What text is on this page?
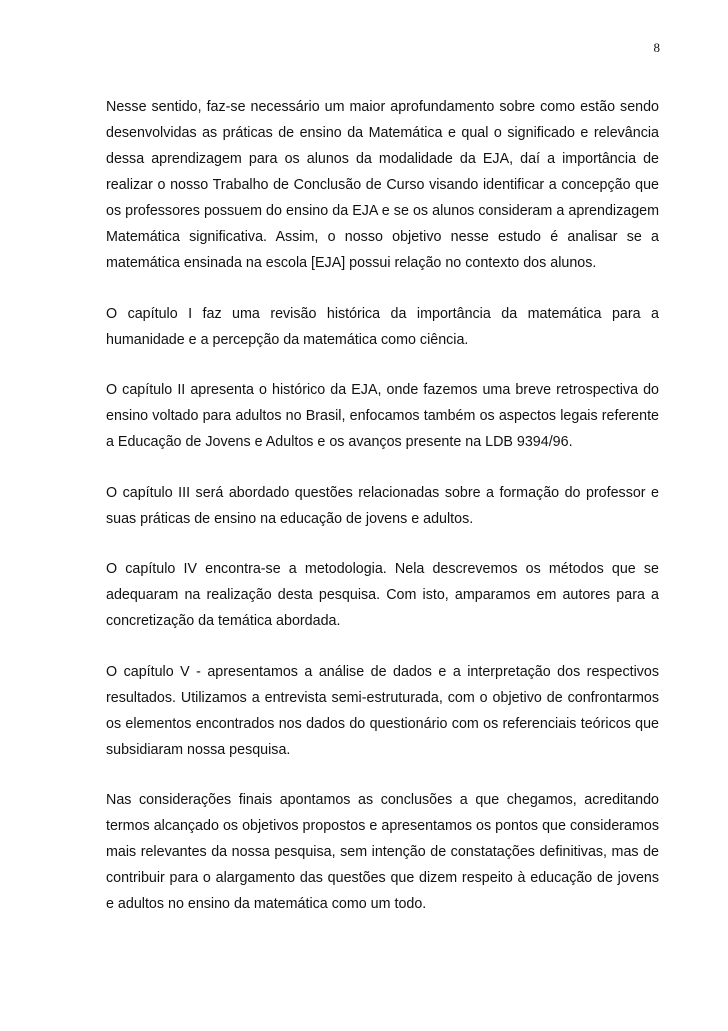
8

Nesse sentido, faz-se necessário um maior aprofundamento sobre como estão sendo desenvolvidas as práticas de ensino da Matemática e qual o significado e relevância dessa aprendizagem para os alunos da modalidade da EJA, daí a importância de realizar o nosso Trabalho de Conclusão de Curso visando identificar a concepção que os professores possuem do ensino da EJA e se os alunos consideram a aprendizagem Matemática significativa. Assim, o nosso objetivo nesse estudo é analisar se a matemática ensinada na escola [EJA] possui relação no contexto dos alunos.

O capítulo I faz uma revisão histórica da importância da matemática para a humanidade e a percepção da matemática como ciência.

O capítulo II apresenta o histórico da EJA, onde fazemos uma breve retrospectiva do ensino voltado para adultos no Brasil, enfocamos também os aspectos legais referente a Educação de Jovens e Adultos e os avanços presente na LDB 9394/96.

O capítulo III será abordado questões relacionadas sobre a formação do professor e suas práticas de ensino na educação de jovens e adultos.

O capítulo IV encontra-se a metodologia. Nela descrevemos os métodos que se adequaram na realização desta pesquisa. Com isto, amparamos em autores para a concretização da temática abordada.

O capítulo V - apresentamos a análise de dados e a interpretação dos respectivos resultados. Utilizamos a entrevista semi-estruturada, com o objetivo de confrontarmos os elementos encontrados nos dados do questionário com os referenciais teóricos que subsidiaram nossa pesquisa.

Nas considerações finais apontamos as conclusões a que chegamos, acreditando termos alcançado os objetivos propostos e apresentamos os pontos que consideramos mais relevantes da nossa pesquisa, sem intenção de constatações definitivas, mas de contribuir para o alargamento das questões que dizem respeito à educação de jovens e adultos no ensino da matemática como um todo.
